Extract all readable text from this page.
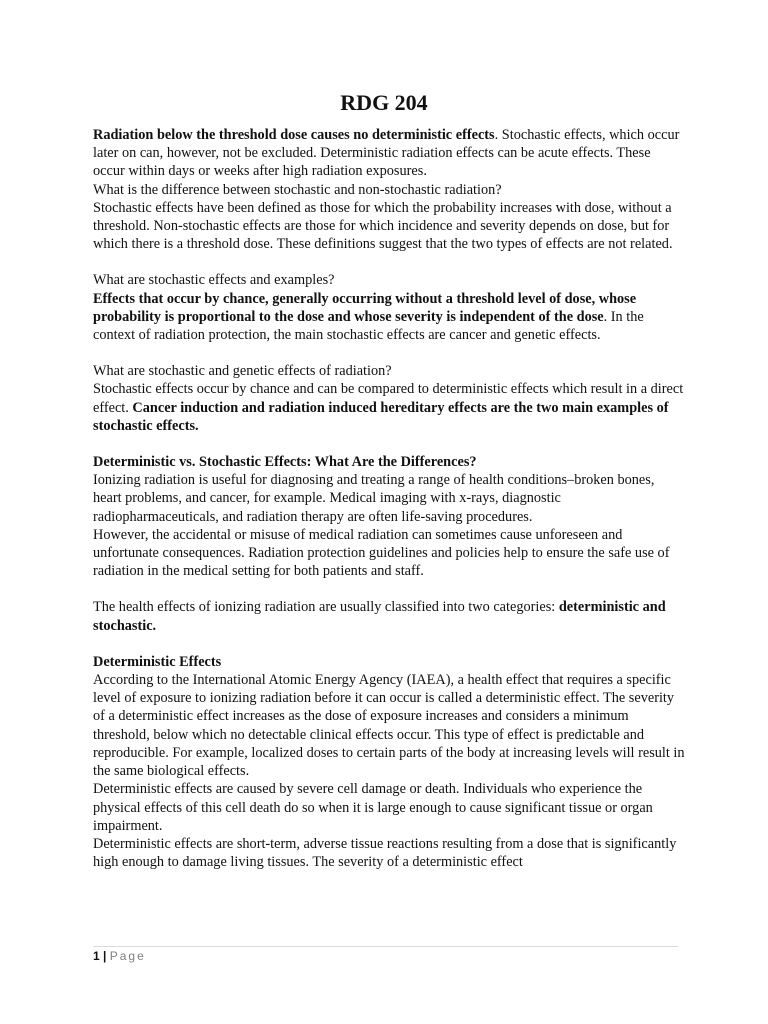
RDG 204

Radiation below the threshold dose causes no deterministic effects. Stochastic effects, which occur later on can, however, not be excluded. Deterministic radiation effects can be acute effects. These occur within days or weeks after high radiation exposures.

What is the difference between stochastic and non-stochastic radiation?

Stochastic effects have been defined as those for which the probability increases with dose, without a threshold. Non-stochastic effects are those for which incidence and severity depends on dose, but for which there is a threshold dose. These definitions suggest that the two types of effects are not related.

What are stochastic effects and examples?

Effects that occur by chance, generally occurring without a threshold level of dose, whose probability is proportional to the dose and whose severity is independent of the dose. In the context of radiation protection, the main stochastic effects are cancer and genetic effects.

What are stochastic and genetic effects of radiation?

Stochastic effects occur by chance and can be compared to deterministic effects which result in a direct effect. Cancer induction and radiation induced hereditary effects are the two main examples of stochastic effects.

Deterministic vs. Stochastic Effects: What Are the Differences?

Ionizing radiation is useful for diagnosing and treating a range of health conditions–broken bones, heart problems, and cancer, for example. Medical imaging with x-rays, diagnostic radiopharmaceuticals, and radiation therapy are often life-saving procedures.

However, the accidental or misuse of medical radiation can sometimes cause unforeseen and unfortunate consequences. Radiation protection guidelines and policies help to ensure the safe use of radiation in the medical setting for both patients and staff.

The health effects of ionizing radiation are usually classified into two categories: deterministic and stochastic.

Deterministic Effects

According to the International Atomic Energy Agency (IAEA), a health effect that requires a specific level of exposure to ionizing radiation before it can occur is called a deterministic effect. The severity of a deterministic effect increases as the dose of exposure increases and considers a minimum threshold, below which no detectable clinical effects occur. This type of effect is predictable and reproducible. For example, localized doses to certain parts of the body at increasing levels will result in the same biological effects.

Deterministic effects are caused by severe cell damage or death. Individuals who experience the physical effects of this cell death do so when it is large enough to cause significant tissue or organ impairment.

Deterministic effects are short-term, adverse tissue reactions resulting from a dose that is significantly high enough to damage living tissues. The severity of a deterministic effect

1 | Page
